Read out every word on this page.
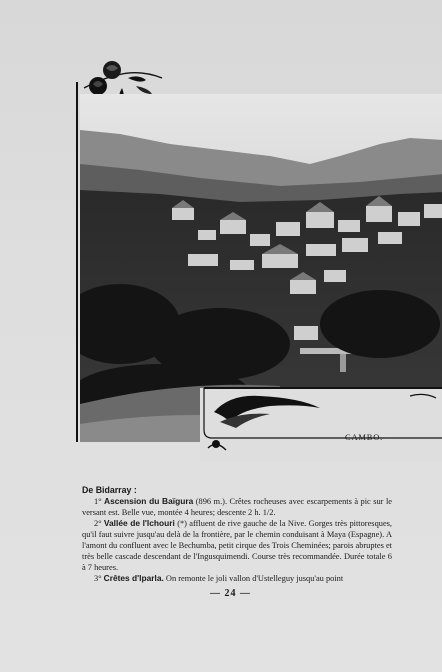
CAMBO. —

De Bidarray :

1° Ascension du Baïgura (896 m.). Crêtes rocheuses avec escarpements à pic sur le versant est. Belle vue, montée 4 heures; descente 2 h. 1/2.

2° Vallée de l'Ichouri (*) affluent de rive gauche de la Nive. Gorges très pittoresques, qu'il faut suivre jusqu'au delà de la frontière, par le chemin conduisant à Maya (Espagne). A l'amont du confluent avec le Bechumba, petit cirque des Trois Cheminées; parois abruptes et très belle cascade descendant de l'Ingusquimendi. Course très recommandée. Durée totale 6 à 7 heures.

3° Crêtes d'Iparla. On remonte le joli vallon d'Ustelleguy jusqu'au point

— 24 —
